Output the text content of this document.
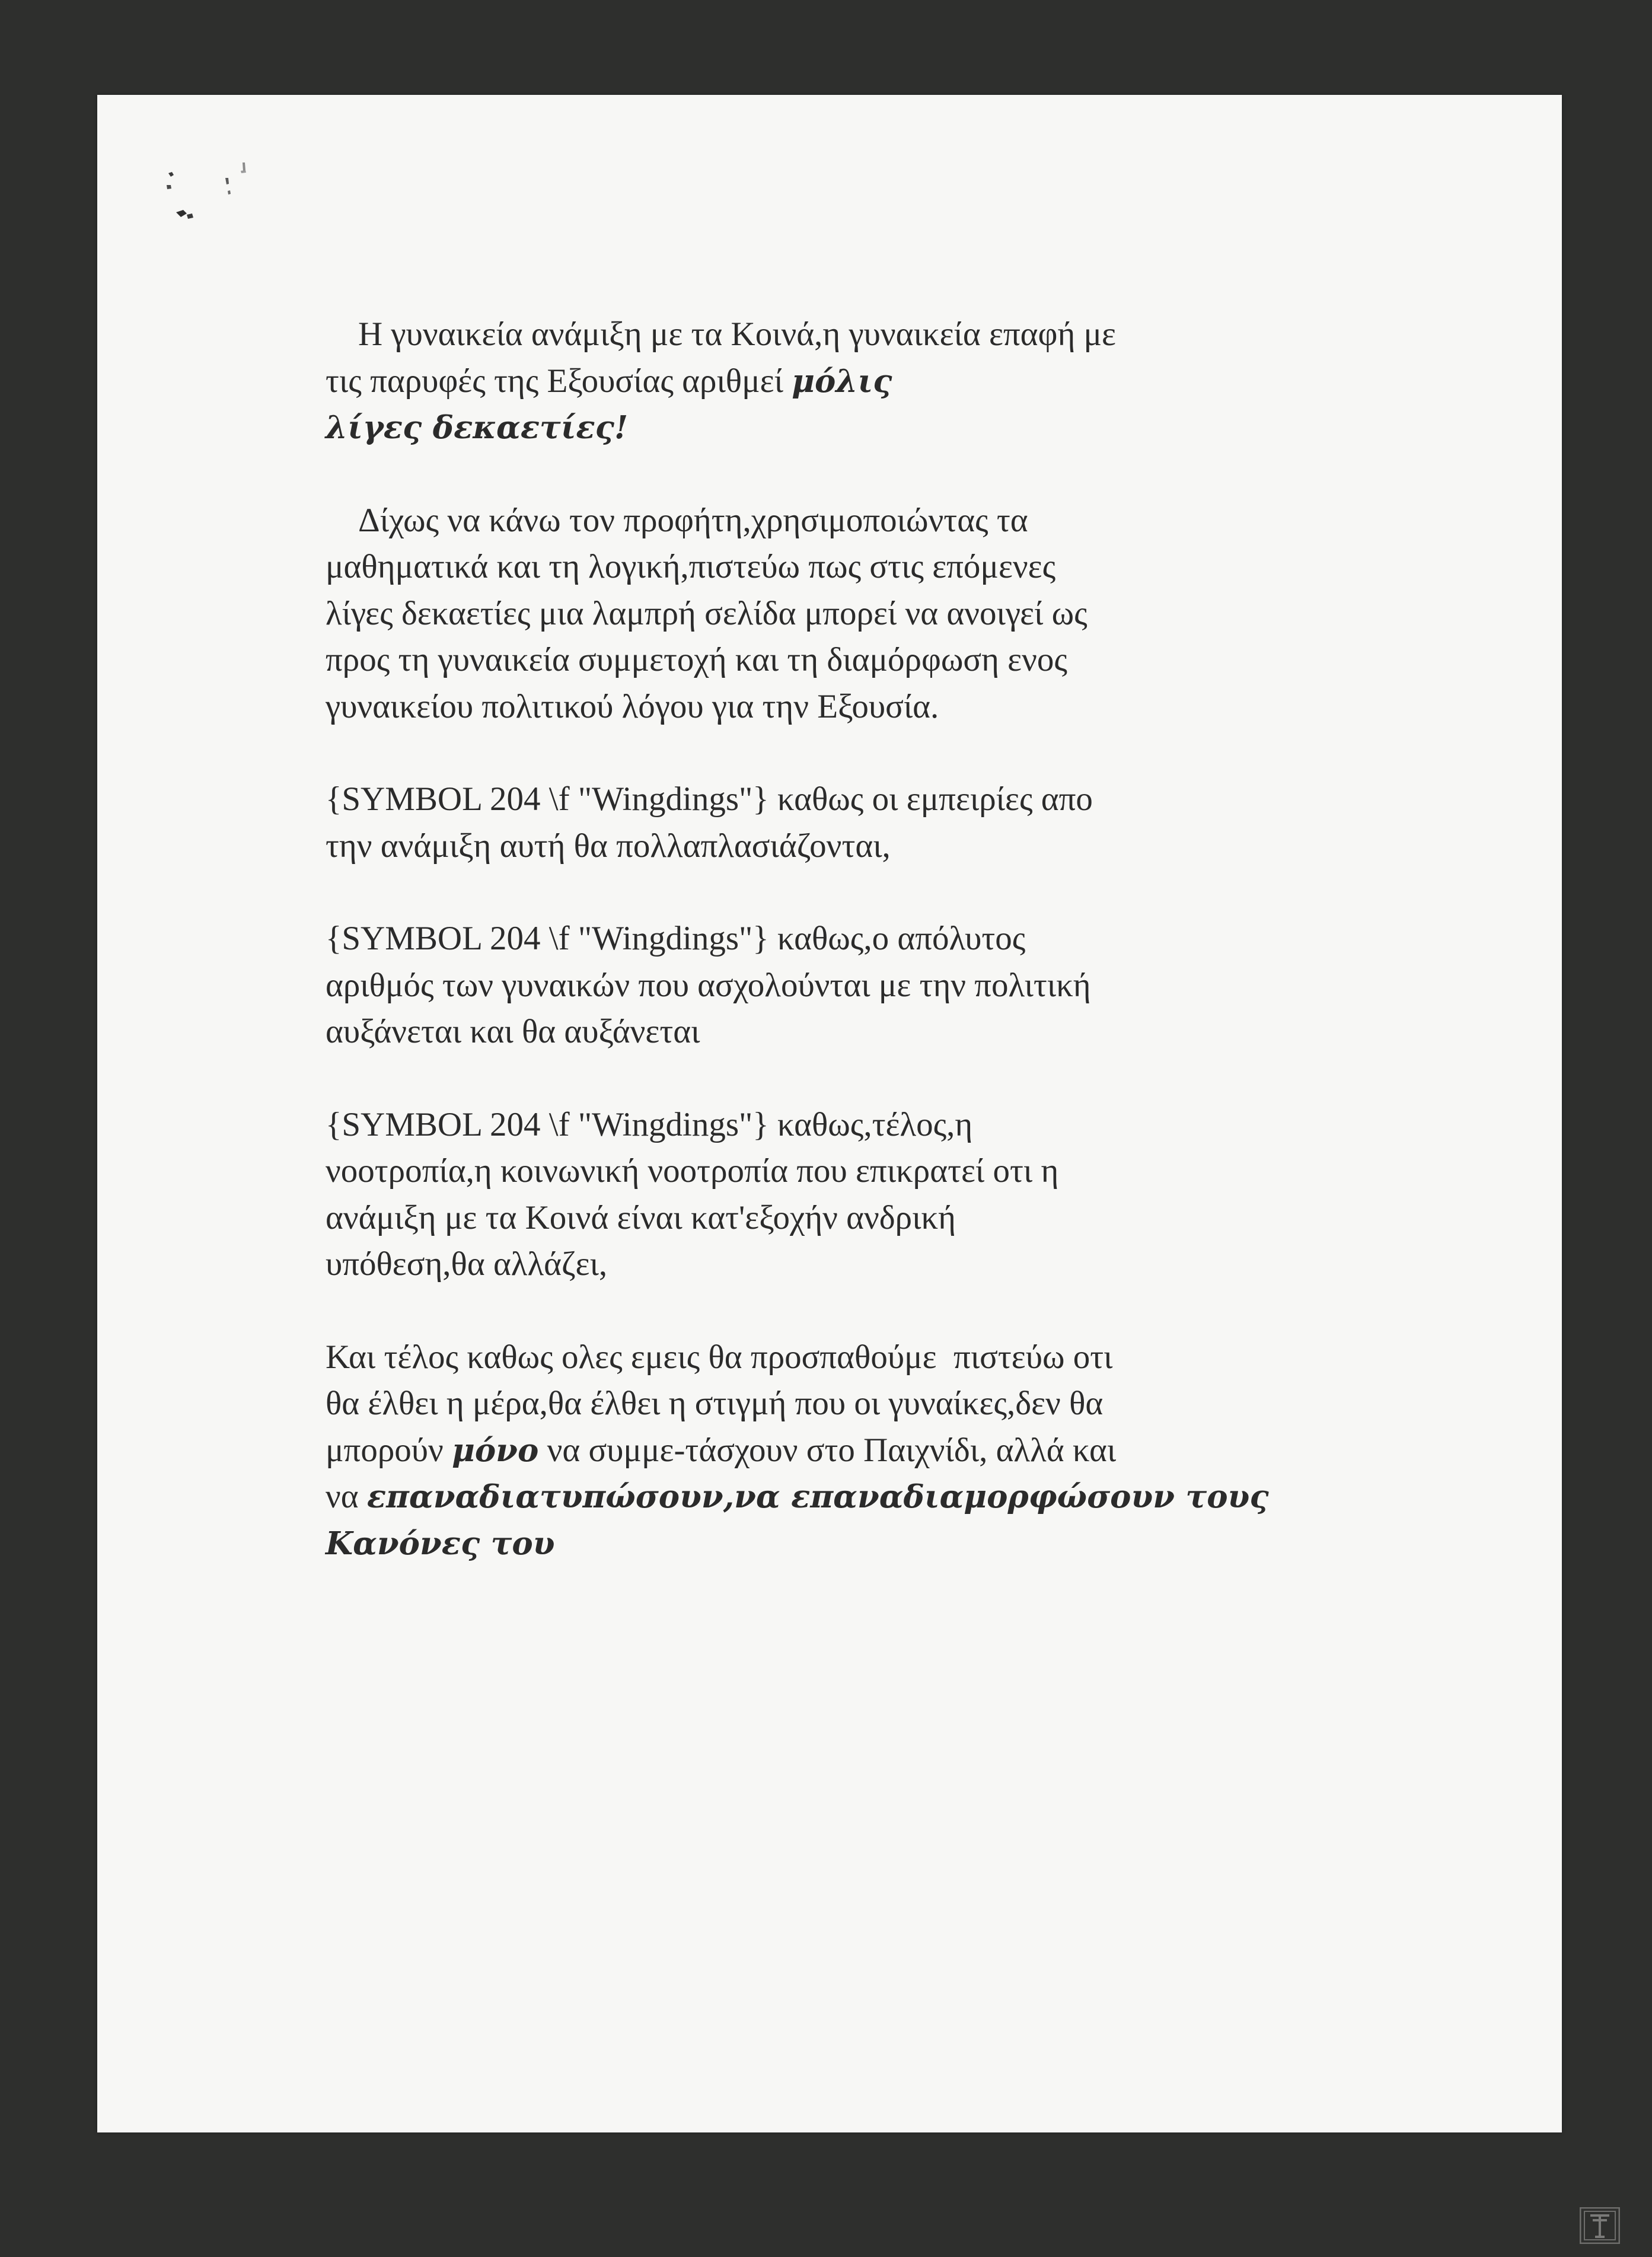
Η γυναικεία ανάμιξη με τα Κοινά,η γυναικεία επαφή με
τις παρυφές της Εξουσίας αριθμεί μόλις
λίγες δεκαετίες!
Δίχως να κάνω τον προφήτη,χρησιμοποιώντας τα
μαθηματικά και τη λογική,πιστεύω πως στις επόμενες
λίγες δεκαετίες μια λαμπρή σελίδα μπορεί να ανοιγεί ως
προς τη γυναικεία συμμετοχή και τη διαμόρφωση ενος
γυναικείου πολιτικού λόγου για την Εξουσία.
{SYMBOL 204 \f "Wingdings"} καθως οι εμπειρίες απο
την ανάμιξη αυτή θα πολλαπλασιάζονται,
{SYMBOL 204 \f "Wingdings"} καθως,ο απόλυτος
αριθμός των γυναικών που ασχολούνται με την πολιτική
αυξάνεται και θα αυξάνεται
{SYMBOL 204 \f "Wingdings"} καθως,τέλος,η
νοοτροπία,η κοινωνική νοοτροπία που επικρατεί οτι η
ανάμιξη με τα Κοινά είναι κατ'εξοχήν ανδρική
υπόθεση,θα αλλάζει,
Και τέλος καθως ολες εμεις θα προσπαθούμε  πιστεύω οτι
θα έλθει η μέρα,θα έλθει η στιγμή που οι γυναίκες,δεν θα
μπορούν μόνο να συμμε-τάσχουν στο Παιχνίδι, αλλά και
να επαναδιατυπώσουν,να επαναδιαμορφώσουν τους
Κανόνες του
